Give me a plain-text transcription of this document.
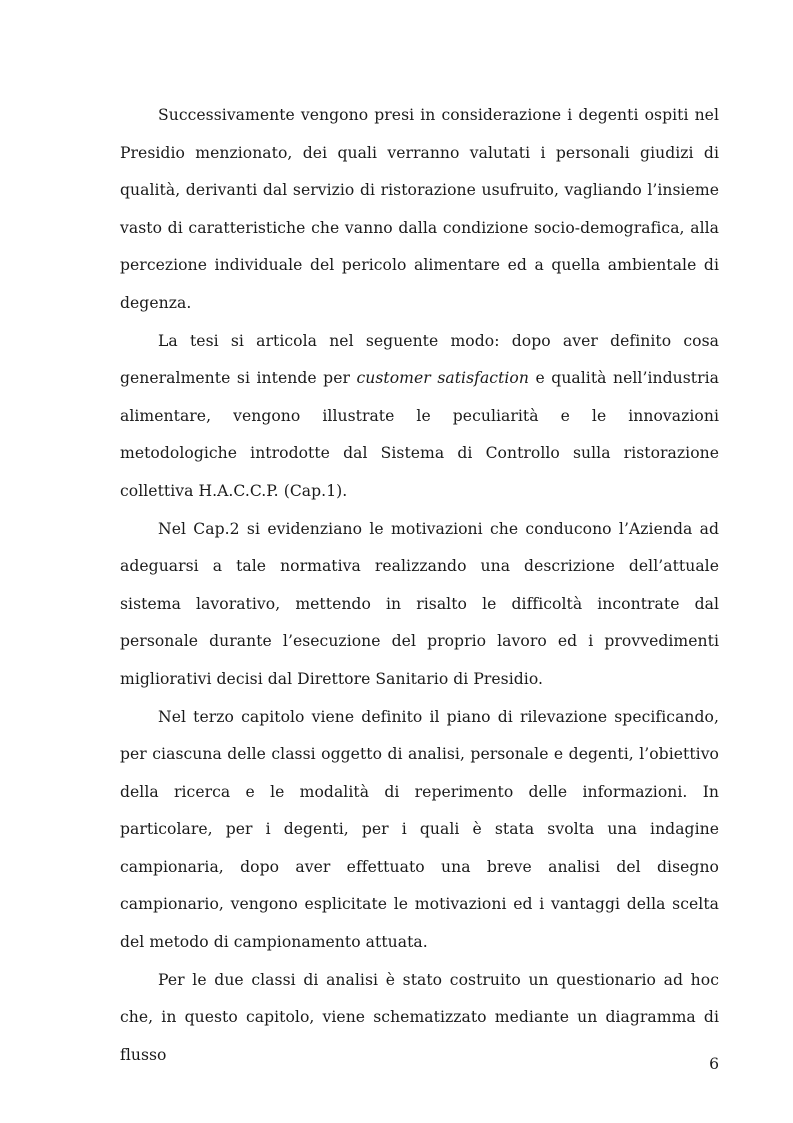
Successivamente vengono presi in considerazione i degenti ospiti nel Presidio menzionato, dei quali verranno valutati i personali giudizi di qualità, derivanti dal servizio di ristorazione usufruito, vagliando l’insieme vasto di caratteristiche che vanno dalla condizione socio-demografica, alla percezione individuale del pericolo alimentare ed a quella ambientale di degenza.

La tesi si articola nel seguente modo: dopo aver definito cosa generalmente si intende per customer satisfaction e qualità nell’industria alimentare, vengono illustrate le peculiarità e le innovazioni metodologiche introdotte dal Sistema di Controllo sulla ristorazione collettiva H.A.C.C.P. (Cap.1).

Nel Cap.2 si evidenziano le motivazioni che conducono l’Azienda ad adeguarsi a tale normativa realizzando una descrizione dell’attuale sistema lavorativo, mettendo in risalto le difficoltà incontrate dal personale durante l’esecuzione del proprio lavoro ed i provvedimenti migliorativi decisi dal Direttore Sanitario di Presidio.

Nel terzo capitolo viene definito il piano di rilevazione specificando, per ciascuna delle classi oggetto di analisi, personale e degenti, l’obiettivo della ricerca e le modalità di reperimento delle informazioni. In particolare, per i degenti, per i quali è stata svolta una indagine campionaria, dopo aver effettuato una breve analisi del disegno campionario, vengono esplicitate le motivazioni ed i vantaggi della scelta del metodo di campionamento attuata.

Per le due classi di analisi è stato costruito un questionario ad hoc che, in questo capitolo, viene schematizzato mediante un diagramma di flusso

6
